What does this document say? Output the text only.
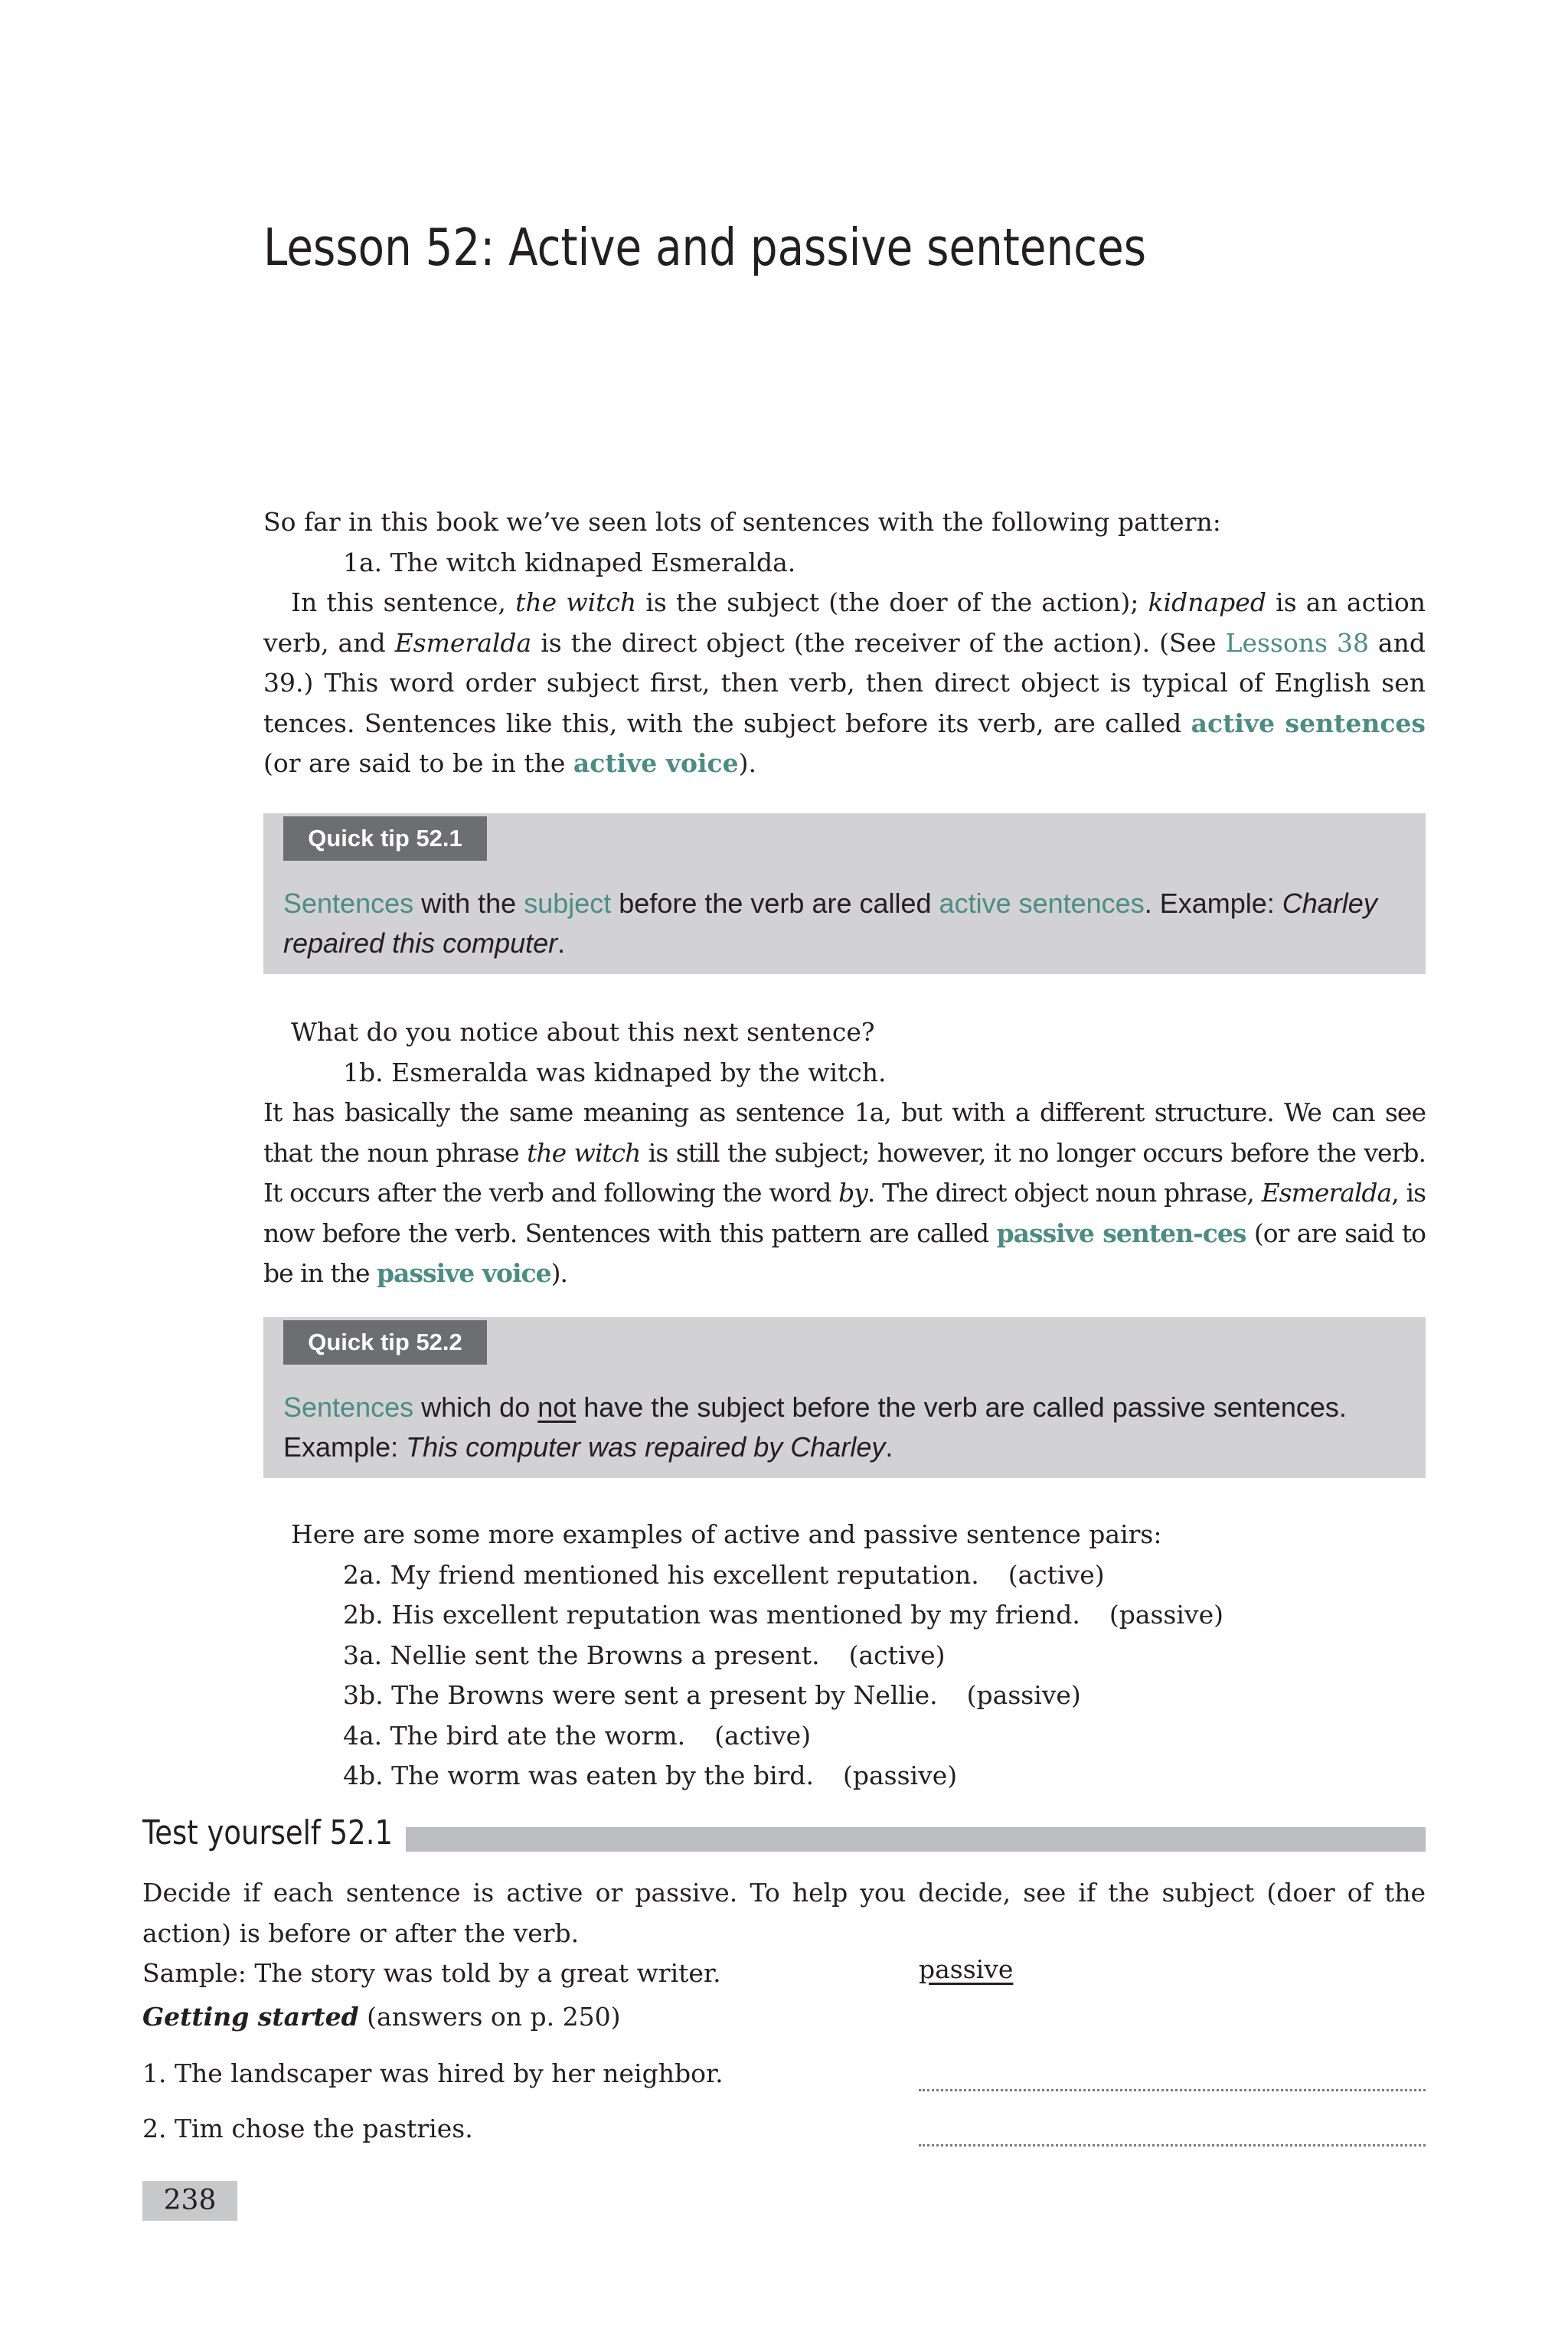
Lesson 52: Active and passive sentences

So far in this book we’ve seen lots of sentences with the following pattern:

1a. The witch kidnaped Esmeralda.

In this sentence, the witch is the subject (the doer of the action); kidnaped is an action verb, and Esmeralda is the direct object (the receiver of the action). (See Lessons 38 and 39.) This word order subject first, then verb, then direct object is typical of English sen tences. Sentences like this, with the subject before its verb, are called active sentences (or are said to be in the active voice).

Quick tip 52.1
Sentences with the subject before the verb are called active sentences. Example: Charley repaired this computer.

What do you notice about this next sentence?

1b. Esmeralda was kidnaped by the witch.

It has basically the same meaning as sentence 1a, but with a different structure. We can see that the noun phrase the witch is still the subject; however, it no longer occurs before the verb. It occurs after the verb and following the word by. The direct object noun phrase, Esmeralda, is now before the verb. Sentences with this pattern are called passive senten-ces (or are said to be in the passive voice).

Quick tip 52.2
Sentences which do not have the subject before the verb are called passive sentences. Example: This computer was repaired by Charley.

Here are some more examples of active and passive sentence pairs:

2a. My friend mentioned his excellent reputation. (active)

2b. His excellent reputation was mentioned by my friend. (passive)

3a. Nellie sent the Browns a present. (active)

3b. The Browns were sent a present by Nellie. (passive)

4a. The bird ate the worm. (active)

4b. The worm was eaten by the bird. (passive)

Test yourself 52.1

Decide if each sentence is active or passive. To help you decide, see if the subject (doer of the action) is before or after the verb.

Sample: The story was told by a great writer.	passive
Getting started (answers on p. 250)
1. The landscaper was hired by her neighbor.
2. Tim chose the pastries.
238
